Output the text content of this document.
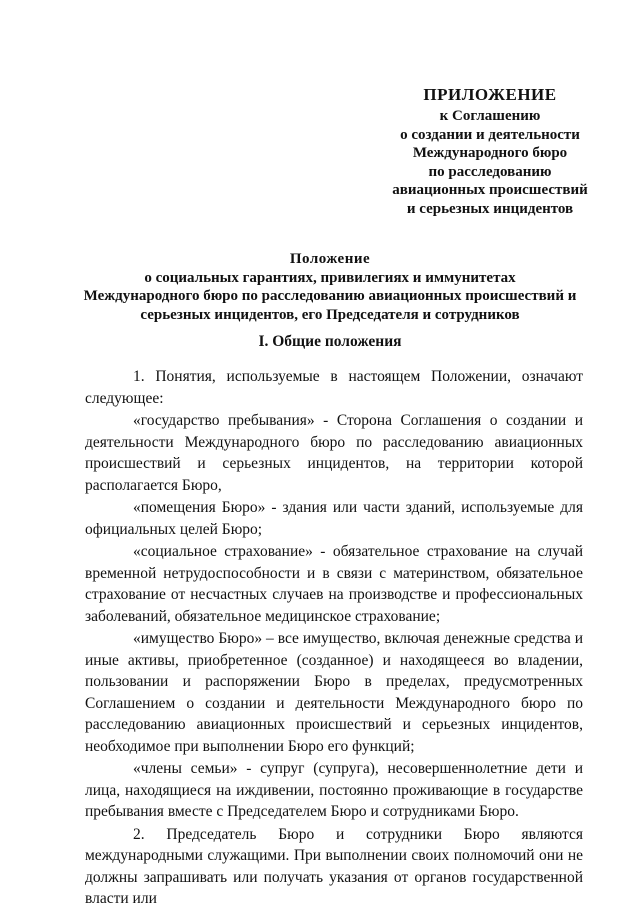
ПРИЛОЖЕНИЕ
к Соглашению
о создании и деятельности
Международного бюро
по расследованию
авиационных происшествий
и серьезных инцидентов
Положение
о социальных гарантиях, привилегиях и иммунитетах
Международного бюро по расследованию авиационных происшествий и
серьезных инцидентов, его Председателя и сотрудников
I. Общие положения

1. Понятия, используемые в настоящем Положении, означают следующее:

«государство пребывания» - Сторона Соглашения о создании и деятельности Международного бюро по расследованию авиационных происшествий и серьезных инцидентов, на территории которой располагается Бюро,

«помещения Бюро» - здания или части зданий, используемые для официальных целей Бюро;

«социальное страхование» - обязательное страхование на случай временной нетрудоспособности и в связи с материнством, обязательное страхование от несчастных случаев на производстве и профессиональных заболеваний, обязательное медицинское страхование;

«имущество Бюро» – все имущество, включая денежные средства и иные активы, приобретенное (созданное) и находящееся во владении, пользовании и распоряжении Бюро в пределах, предусмотренных Соглашением о создании и деятельности Международного бюро по расследованию авиационных происшествий и серьезных инцидентов, необходимое при выполнении Бюро его функций;

«члены семьи» - супруг (супруга), несовершеннолетние дети и лица, находящиеся на иждивении, постоянно проживающие в государстве пребывания вместе с Председателем Бюро и сотрудниками Бюро.

2. Председатель Бюро и сотрудники Бюро являются международными служащими. При выполнении своих полномочий они не должны запрашивать или получать указания от органов государственной власти или
